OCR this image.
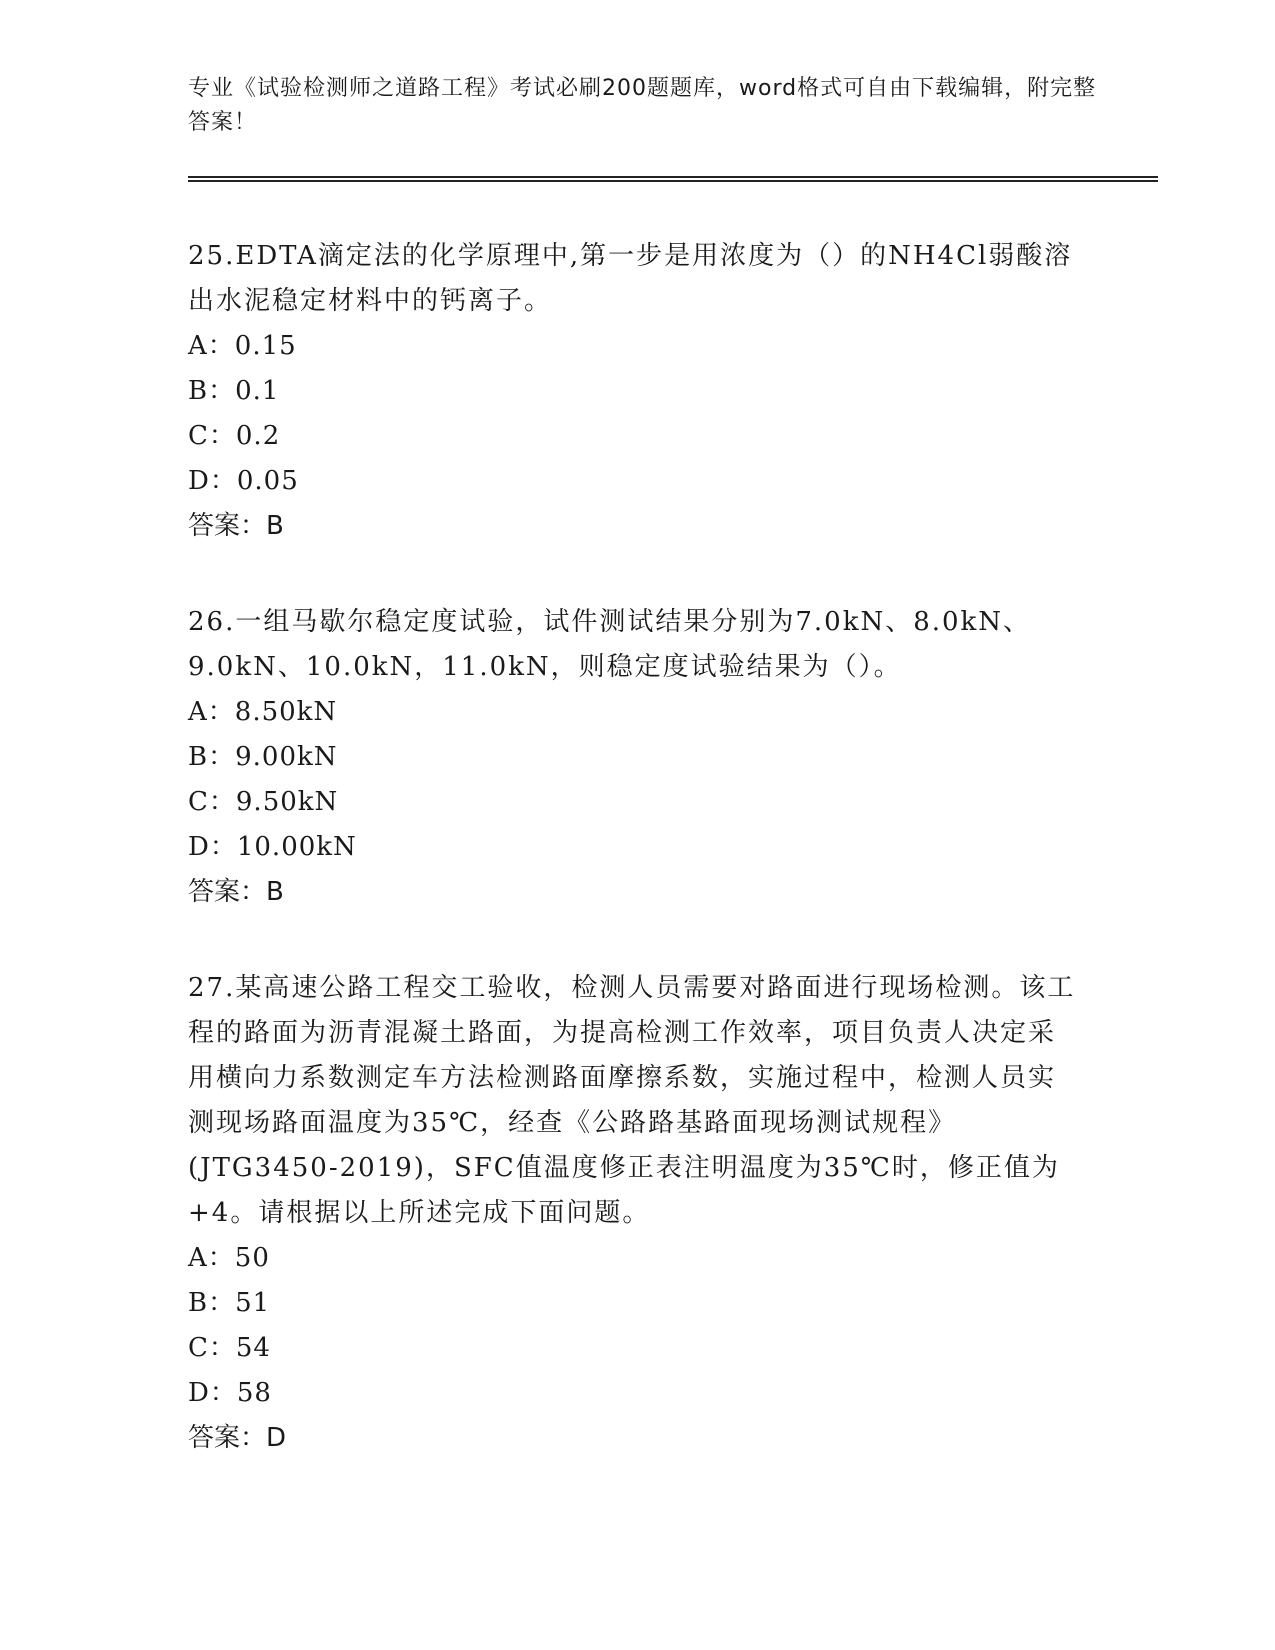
专业《试验检测师之道路工程》考试必刷200题题库，word格式可自由下载编辑，附完整答案！

25.EDTA滴定法的化学原理中,第一步是用浓度为（）的NH4Cl弱酸溶出水泥稳定材料中的钙离子。

A：0.15

B：0.1

C：0.2

D：0.05

答案：B

26.一组马歇尔稳定度试验，试件测试结果分别为7.0kN、8.0kN、9.0kN、10.0kN，11.0kN，则稳定度试验结果为（）。

A：8.50kN

B：9.00kN

C：9.50kN

D：10.00kN

答案：B

27.某高速公路工程交工验收，检测人员需要对路面进行现场检测。该工程的路面为沥青混凝土路面，为提高检测工作效率，项目负责人决定采用横向力系数测定车方法检测路面摩擦系数，实施过程中，检测人员实测现场路面温度为35℃，经查《公路路基路面现场测试规程》(JTG3450-2019)，SFC值温度修正表注明温度为35℃时，修正值为+4。请根据以上所述完成下面问题。

A：50

B：51

C：54

D：58

答案：D
